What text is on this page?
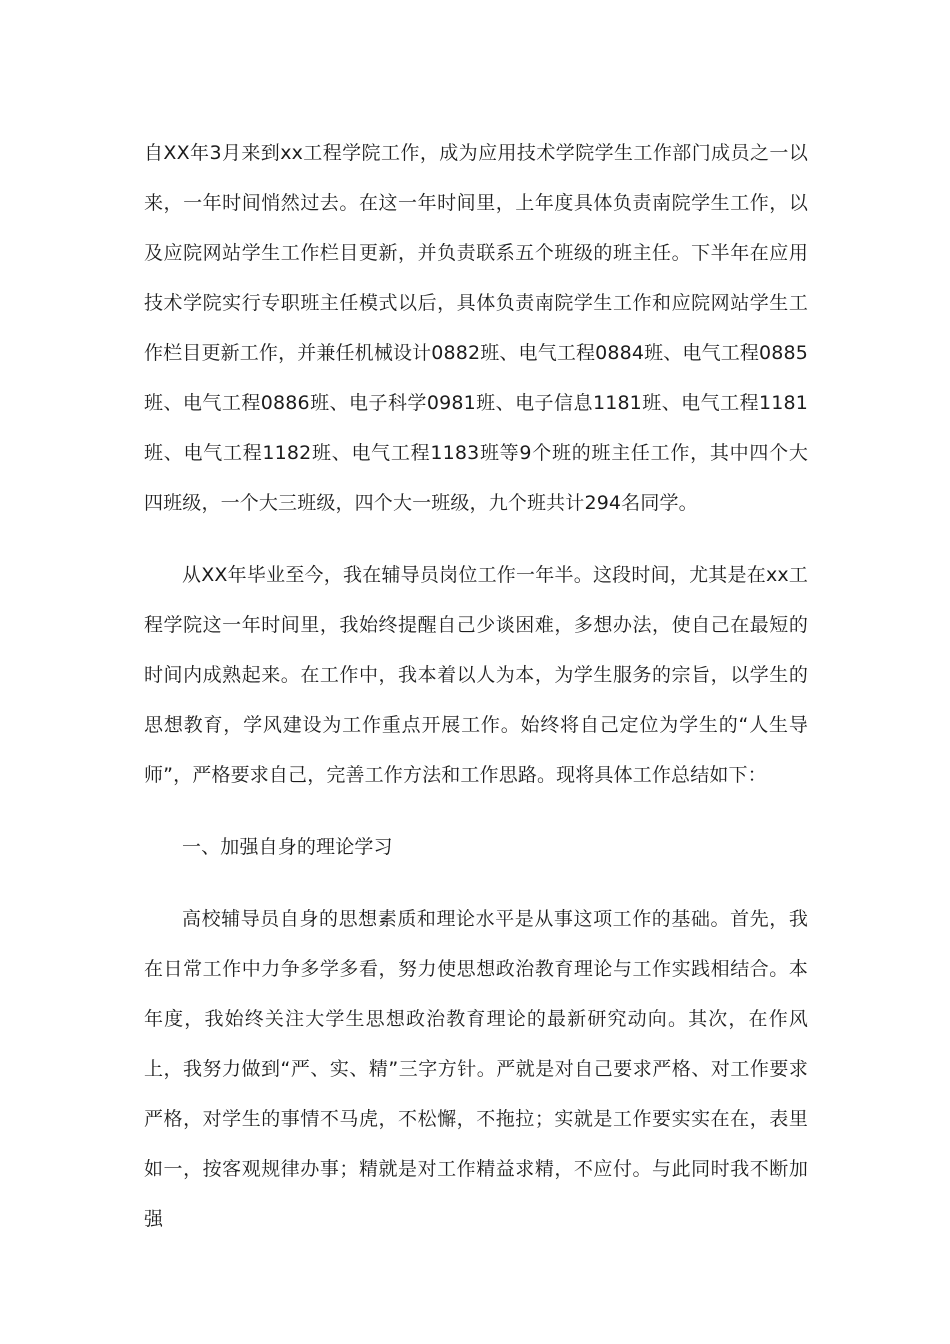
自XX年3月来到xx工程学院工作，成为应用技术学院学生工作部门成员之一以来，一年时间悄然过去。在这一年时间里，上年度具体负责南院学生工作，以及应院网站学生工作栏目更新，并负责联系五个班级的班主任。下半年在应用技术学院实行专职班主任模式以后，具体负责南院学生工作和应院网站学生工作栏目更新工作，并兼任机械设计0882班、电气工程0884班、电气工程0885班、电气工程0886班、电子科学0981班、电子信息1181班、电气工程1181班、电气工程1182班、电气工程1183班等9个班的班主任工作，其中四个大四班级，一个大三班级，四个大一班级，九个班共计294名同学。

从XX年毕业至今，我在辅导员岗位工作一年半。这段时间，尤其是在xx工程学院这一年时间里，我始终提醒自己少谈困难，多想办法，使自己在最短的时间内成熟起来。在工作中，我本着以人为本，为学生服务的宗旨，以学生的思想教育，学风建设为工作重点开展工作。始终将自己定位为学生的“人生导师”，严格要求自己，完善工作方法和工作思路。现将具体工作总结如下：

一、加强自身的理论学习

高校辅导员自身的思想素质和理论水平是从事这项工作的基础。首先，我在日常工作中力争多学多看，努力使思想政治教育理论与工作实践相结合。本年度，我始终关注大学生思想政治教育理论的最新研究动向。其次，在作风上，我努力做到“严、实、精”三字方针。严就是对自己要求严格、对工作要求严格，对学生的事情不马虎，不松懈，不拖拉；实就是工作要实实在在，表里如一，按客观规律办事；精就是对工作精益求精，不应付。与此同时我不断加强
